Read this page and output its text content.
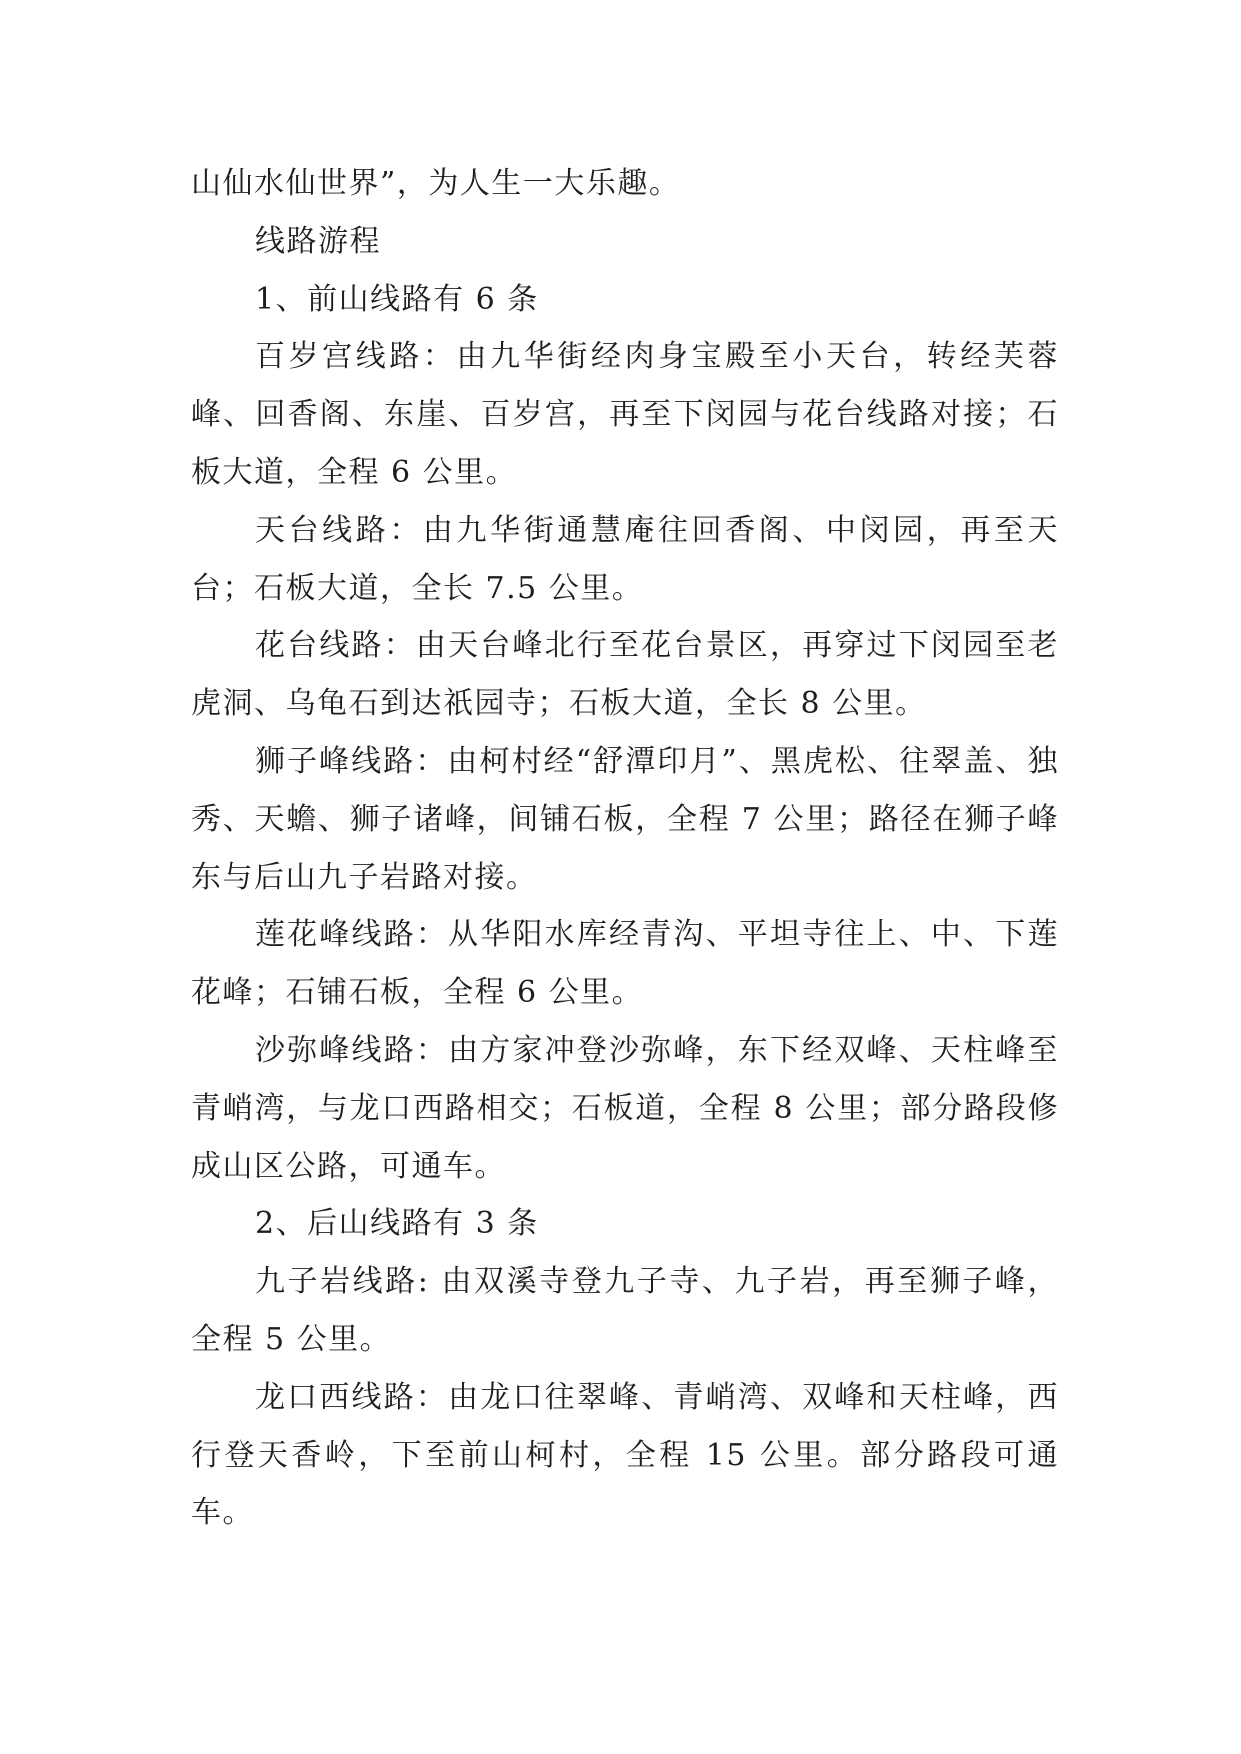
山仙水仙世界”，为人生一大乐趣。

线路游程

1、前山线路有 6 条

百岁宫线路：由九华街经肉身宝殿至小天台，转经芙蓉峰、回香阁、东崖、百岁宫，再至下闵园与花台线路对接；石板大道，全程 6 公里。

天台线路：由九华街通慧庵往回香阁、中闵园，再至天台；石板大道，全长 7.5 公里。

花台线路：由天台峰北行至花台景区，再穿过下闵园至老虎洞、乌龟石到达祇园寺；石板大道，全长 8 公里。

狮子峰线路：由柯村经“舒潭印月”、黑虎松、往翠盖、独秀、天蟾、狮子诸峰，间铺石板，全程 7 公里；路径在狮子峰东与后山九子岩路对接。

莲花峰线路：从华阳水库经青沟、平坦寺往上、中、下莲花峰；石铺石板，全程 6 公里。

沙弥峰线路：由方家冲登沙弥峰，东下经双峰、天柱峰至青峭湾，与龙口西路相交；石板道，全程 8 公里；部分路段修成山区公路，可通车。

2、后山线路有 3 条

九子岩线路: 由双溪寺登九子寺、九子岩，再至狮子峰，全程 5 公里。

龙口西线路：由龙口往翠峰、青峭湾、双峰和天柱峰，西行登天香岭，下至前山柯村，全程 15 公里。部分路段可通车。
